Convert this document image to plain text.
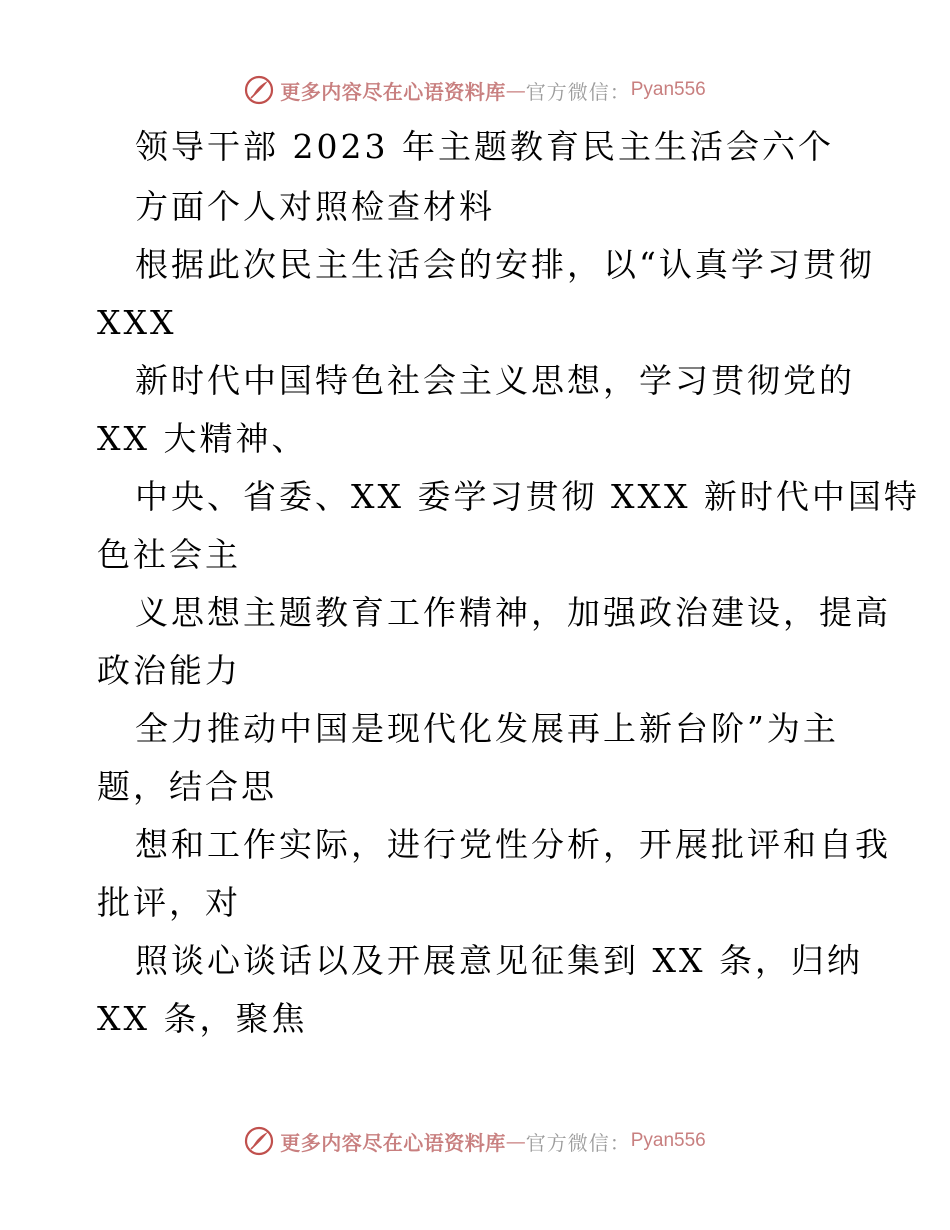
更多内容尽在心语资料库 — 官方微信： Pyan556
领导干部 2023 年主题教育民主生活会六个
方面个人对照检查材料
根据此次民主生活会的安排，以“认真学习贯彻
XXX
新时代中国特色社会主义思想，学习贯彻党的
XX 大精神、
中央、省委、XX 委学习贯彻 XXX 新时代中国特
色社会主
义思想主题教育工作精神，加强政治建设，提高
政治能力
全力推动中国是现代化发展再上新台阶”为主
题，结合思
想和工作实际，进行党性分析，开展批评和自我
批评，对
照谈心谈话以及开展意见征集到 XX 条，归纳
XX 条，聚焦
更多内容尽在心语资料库 — 官方微信： Pyan556
